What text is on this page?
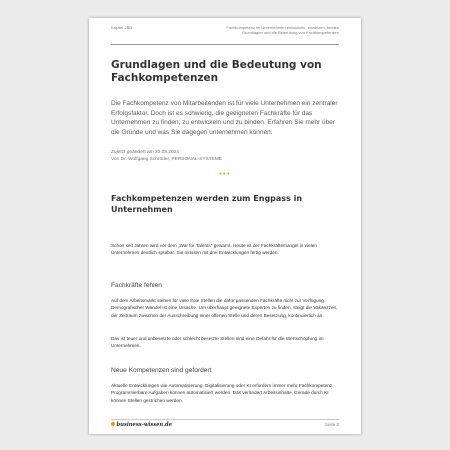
Kapitel 2BB	Fachkompetenz im Unternehmen entwickeln, einsetzen, binden
Grundlagen und die Bedeutung von Fachkompetenzen
Grundlagen und die Bedeutung von Fachkompetenzen

Die Fachkompetenz von Mitarbeitenden ist für viele Unternehmen ein zentraler Erfolgsfaktor. Doch ist es schwierig, die geeigneten Fachkräfte für das Unternehmen zu finden, zu entwickeln und zu binden. Erfahren Sie mehr über die Gründe und was Sie dagegen unternehmen können.

Zuletzt geändert am 20.08.2024
Von Dr. Wolfgang Schröder, PERSONAL-SYSTEME
•••
Fachkompetenzen werden zum Engpass in Unternehmen

Schon seit Jahren wird vor dem „War for Talents" gewarnt. Heute ist der Fachkräftemangel in vielen Unternehmen deutlich spürbar. Sie müssen mit drei Entwicklungen fertig werden.

Fachkräfte fehlen

Auf dem Arbeitsmarkt stehen für viele freie Stellen die dafür passenden Fachkräfte nicht zur Verfügung. Demografischer Wandel ist eine Ursache. Um überhaupt geeignete Experten zu finden, steigt die Vakanzzeit, der Zeitraum zwischen der Ausschreibung einer offenen Stelle und deren Besetzung, kontinuierlich an.

Das ist teuer und unbesetzte oder schlecht besetzte Stellen sind eine Gefahr für die Wertschöpfung im Unternehmen.

Neue Kompetenzen sind gefordert

Aktuelle Entwicklungen wie Automatisierung, Digitalisierung oder KI erfordern immer mehr Fachkompetenz. Programmierbare Aufgaben können automatisiert werden. Das verändert Arbeitsinhalte. Gerade durch KI können Stellen gestrichen werden.

business-wissen.de	Seite 2
